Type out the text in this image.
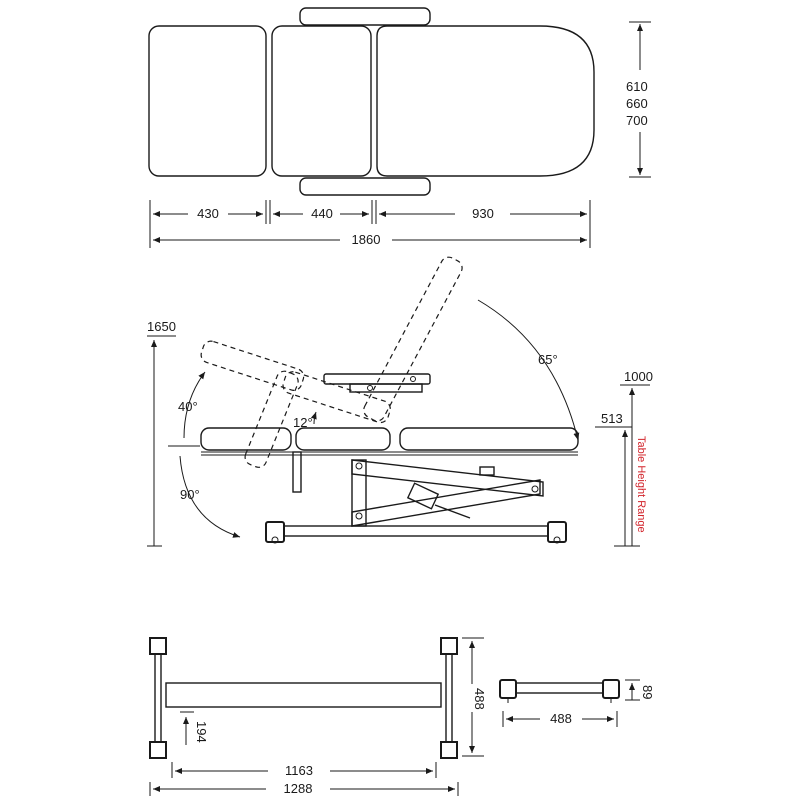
610
660
700
430	440	930
1860
1650
65°
12°
40°
90°
1000
513
Table Height Range
194
488
1163
1288
89
488
